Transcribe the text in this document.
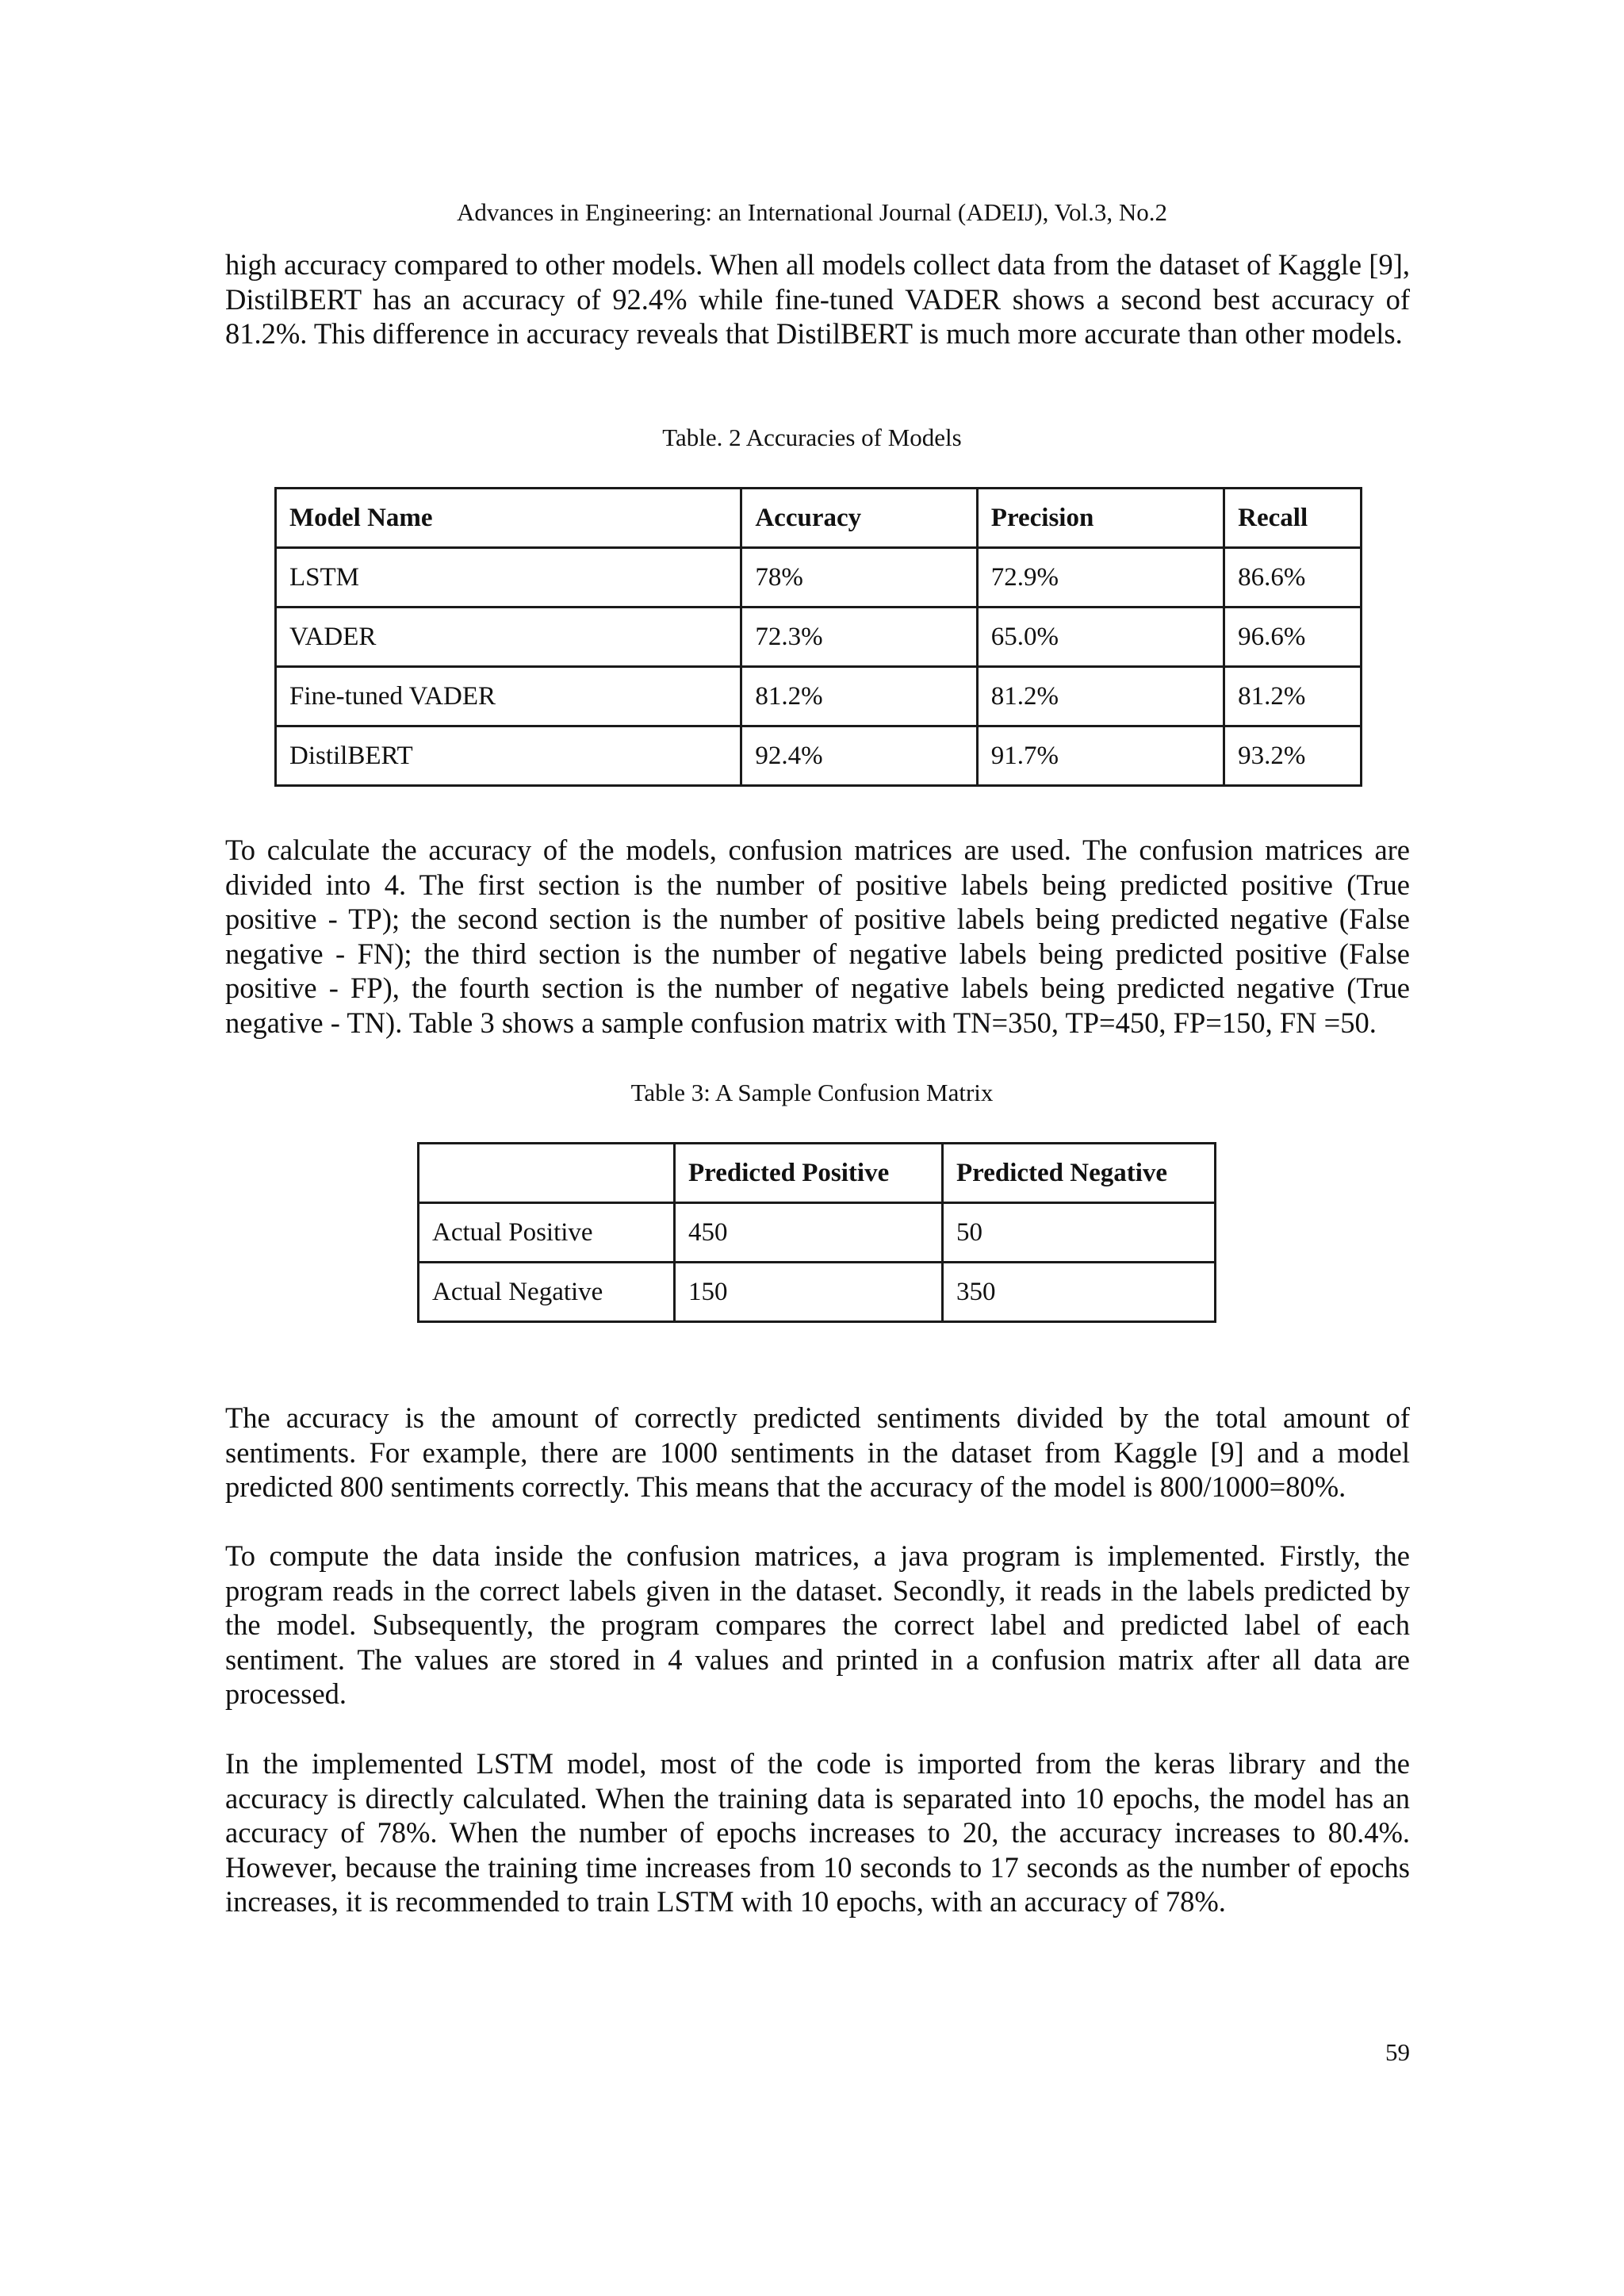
Advances in Engineering: an International Journal (ADEIJ), Vol.3, No.2

high accuracy compared to other models. When all models collect data from the dataset of Kaggle [9], DistilBERT has an accuracy of 92.4% while fine-tuned VADER shows a second best accuracy of 81.2%. This difference in accuracy reveals that DistilBERT is much more accurate than other models.

Table. 2 Accuracies of Models
Model Name	Accuracy	Precision	Recall
LSTM	78%	72.9%	86.6%
VADER	72.3%	65.0%	96.6%
Fine-tuned VADER	81.2%	81.2%	81.2%
DistilBERT	92.4%	91.7%	93.2%

To calculate the accuracy of the models, confusion matrices are used. The confusion matrices are divided into 4. The first section is the number of positive labels being predicted positive (True positive - TP); the second section is the number of positive labels being predicted negative (False negative - FN); the third section is the number of negative labels being predicted positive (False positive - FP), the fourth section is the number of negative labels being predicted negative (True negative - TN). Table 3 shows a sample confusion matrix with TN=350, TP=450, FP=150, FN =50.

Table 3: A Sample Confusion Matrix
	Predicted Positive	Predicted Negative
Actual Positive	450	50
Actual Negative	150	350

The accuracy is the amount of correctly predicted sentiments divided by the total amount of sentiments. For example, there are 1000 sentiments in the dataset from Kaggle [9] and a model predicted 800 sentiments correctly. This means that the accuracy of the model is 800/1000=80%.

To compute the data inside the confusion matrices, a java program is implemented. Firstly, the program reads in the correct labels given in the dataset. Secondly, it reads in the labels predicted by the model. Subsequently, the program compares the correct label and predicted label of each sentiment. The values are stored in 4 values and printed in a confusion matrix after all data are processed.

In the implemented LSTM model, most of the code is imported from the keras library and the accuracy is directly calculated. When the training data is separated into 10 epochs, the model has an accuracy of 78%. When the number of epochs increases to 20, the accuracy increases to 80.4%. However, because the training time increases from 10 seconds to 17 seconds as the number of epochs increases, it is recommended to train LSTM with 10 epochs, with an accuracy of 78%.

59
